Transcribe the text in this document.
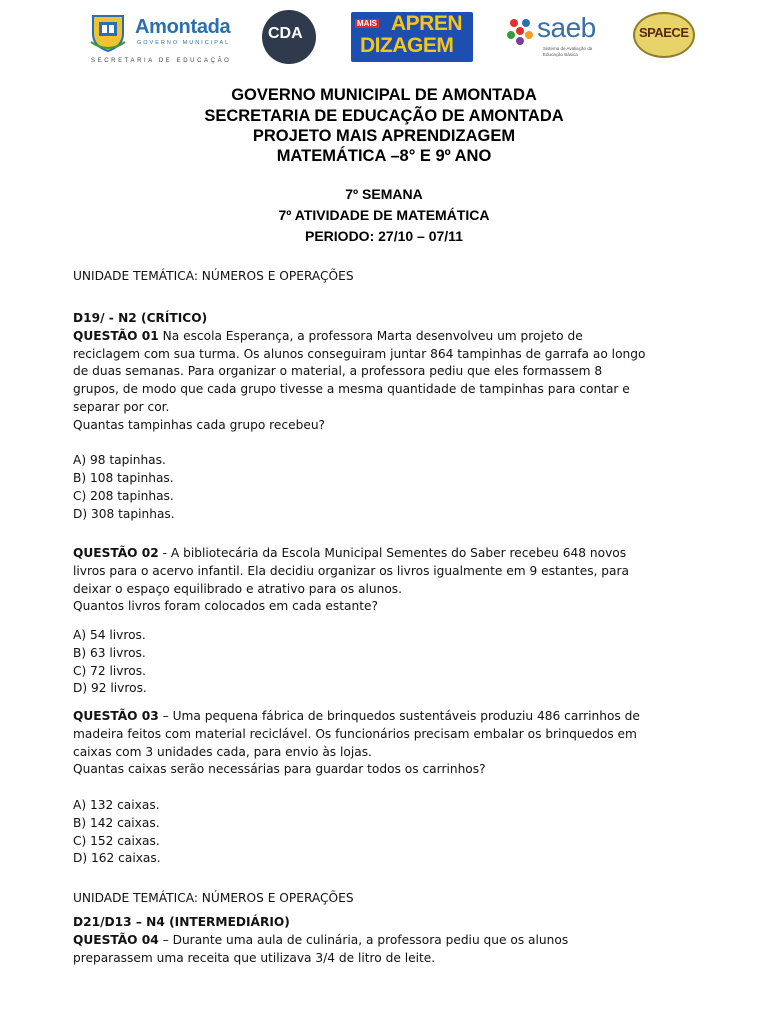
Amontada
GOVERNO MUNICIPAL
SECRETARIA DE EDUCAÇÃO
CDA
MAIS APREN
DIZAGEM
saeb
Sistema de Avaliação da Educação Básica
SPAECE
GOVERNO MUNICIPAL DE AMONTADA
SECRETARIA DE EDUCAÇÃO DE AMONTADA
PROJETO MAIS APRENDIZAGEM
MATEMÁTICA –8° E 9º ANO
7º SEMANA
7º ATIVIDADE DE MATEMÁTICA
PERIODO: 27/10 – 07/11
UNIDADE TEMÁTICA: NÚMEROS E OPERAÇÕES
D19/ - N2 (CRÍTICO)
QUESTÃO 01 Na escola Esperança, a professora Marta desenvolveu um projeto de
reciclagem com sua turma. Os alunos conseguiram juntar 864 tampinhas de garrafa ao longo
de duas semanas. Para organizar o material, a professora pediu que eles formassem 8
grupos, de modo que cada grupo tivesse a mesma quantidade de tampinhas para contar e
separar por cor.
Quantas tampinhas cada grupo recebeu?
A) 98 tapinhas.
B) 108 tapinhas.
C) 208 tapinhas.
D) 308 tapinhas.
QUESTÃO 02 - A bibliotecária da Escola Municipal Sementes do Saber recebeu 648 novos
livros para o acervo infantil. Ela decidiu organizar os livros igualmente em 9 estantes, para
deixar o espaço equilibrado e atrativo para os alunos.
Quantos livros foram colocados em cada estante?
A) 54 livros.
B) 63 livros.
C) 72 livros.
D) 92 livros.
QUESTÃO 03 – Uma pequena fábrica de brinquedos sustentáveis produziu 486 carrinhos de
madeira feitos com material reciclável. Os funcionários precisam embalar os brinquedos em
caixas com 3 unidades cada, para envio às lojas.
Quantas caixas serão necessárias para guardar todos os carrinhos?
A) 132 caixas.
B) 142 caixas.
C) 152 caixas.
D) 162 caixas.
UNIDADE TEMÁTICA: NÚMEROS E OPERAÇÕES
D21/D13 – N4 (INTERMEDIÁRIO)
QUESTÃO 04 – Durante uma aula de culinária, a professora pediu que os alunos
preparassem uma receita que utilizava 3/4 de litro de leite.
